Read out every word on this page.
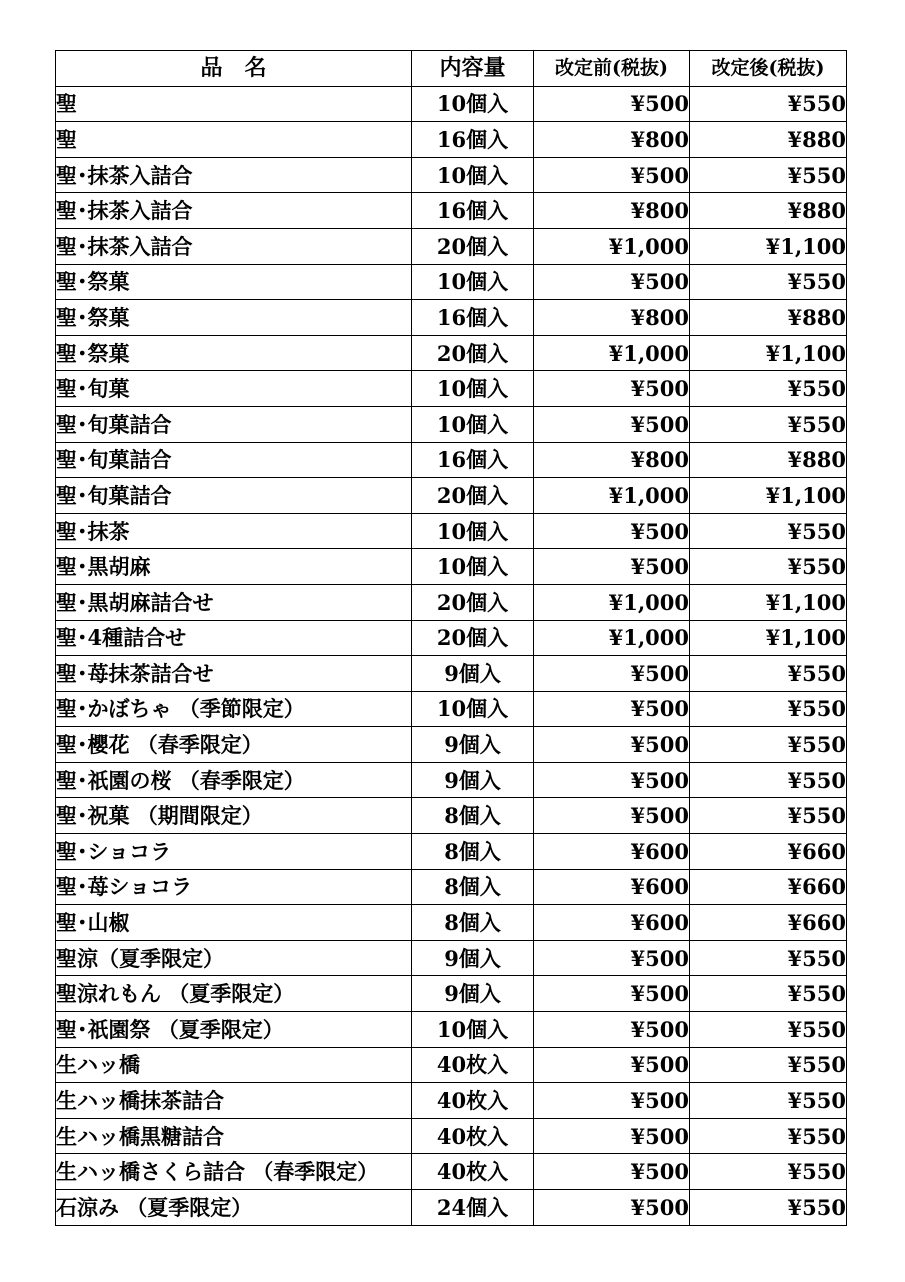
品　名	内容量	改定前(税抜)	改定後(税抜)
聖	10個入	¥500	¥550
聖	16個入	¥800	¥880
聖･抹茶入詰合	10個入	¥500	¥550
聖･抹茶入詰合	16個入	¥800	¥880
聖･抹茶入詰合	20個入	¥1,000	¥1,100
聖･祭菓	10個入	¥500	¥550
聖･祭菓	16個入	¥800	¥880
聖･祭菓	20個入	¥1,000	¥1,100
聖･旬菓	10個入	¥500	¥550
聖･旬菓詰合	10個入	¥500	¥550
聖･旬菓詰合	16個入	¥800	¥880
聖･旬菓詰合	20個入	¥1,000	¥1,100
聖･抹茶	10個入	¥500	¥550
聖･黒胡麻	10個入	¥500	¥550
聖･黒胡麻詰合せ	20個入	¥1,000	¥1,100
聖･4種詰合せ	20個入	¥1,000	¥1,100
聖･苺抹茶詰合せ	9個入	¥500	¥550
聖･かぼちゃ （季節限定）	10個入	¥500	¥550
聖･櫻花 （春季限定）	9個入	¥500	¥550
聖･祇園の桜 （春季限定）	9個入	¥500	¥550
聖･祝菓 （期間限定）	8個入	¥500	¥550
聖･ショコラ	8個入	¥600	¥660
聖･苺ショコラ	8個入	¥600	¥660
聖･山椒	8個入	¥600	¥660
聖涼（夏季限定）	9個入	¥500	¥550
聖涼れもん （夏季限定）	9個入	¥500	¥550
聖･祇園祭 （夏季限定）	10個入	¥500	¥550
生ハッ橋	40枚入	¥500	¥550
生ハッ橋抹茶詰合	40枚入	¥500	¥550
生ハッ橋黒糖詰合	40枚入	¥500	¥550
生ハッ橋さくら詰合 （春季限定）	40枚入	¥500	¥550
石涼み （夏季限定）	24個入	¥500	¥550
